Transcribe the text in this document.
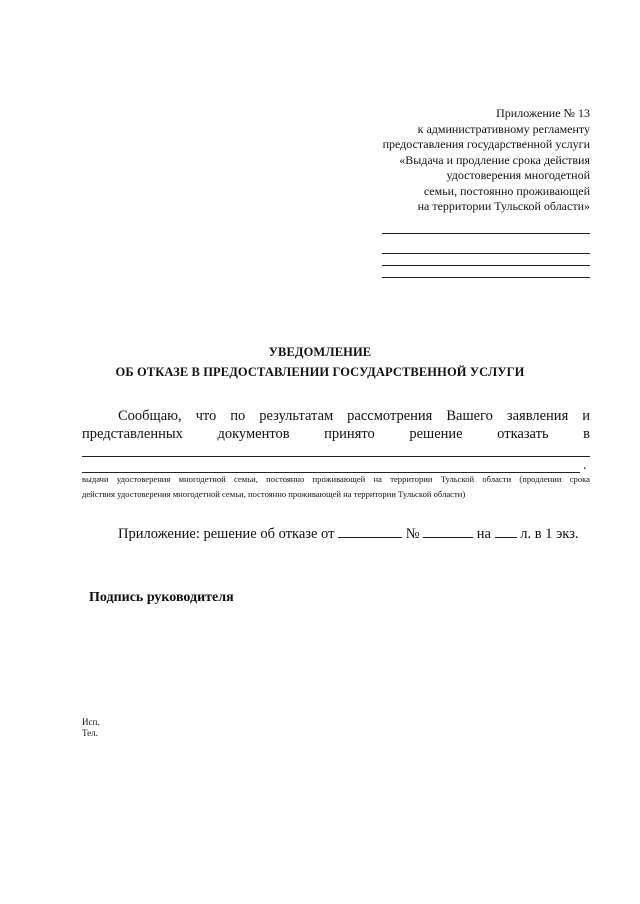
Приложение № 13
к административному регламенту
предоставления государственной услуги
«Выдача и продление срока действия
удостоверения многодетной
семьи, постоянно проживающей
на территории Тульской области»
УВЕДОМЛЕНИЕ
ОБ ОТКАЗЕ В ПРЕДОСТАВЛЕНИИ ГОСУДАРСТВЕННОЙ УСЛУГИ
Сообщаю, что по результатам рассмотрения Вашего заявления и
представленных документов принято решение отказать в
.
выдачи удостоверения многодетной семьи, постоянно проживающей на территории Тульской области (продлении срока
действия удостоверения многодетной семьи, постоянно проживающей на территории Тульской области)
Приложение: решение об отказе от	№	на л. в 1 экз.
Подпись руководителя
Исп.
Тел.
